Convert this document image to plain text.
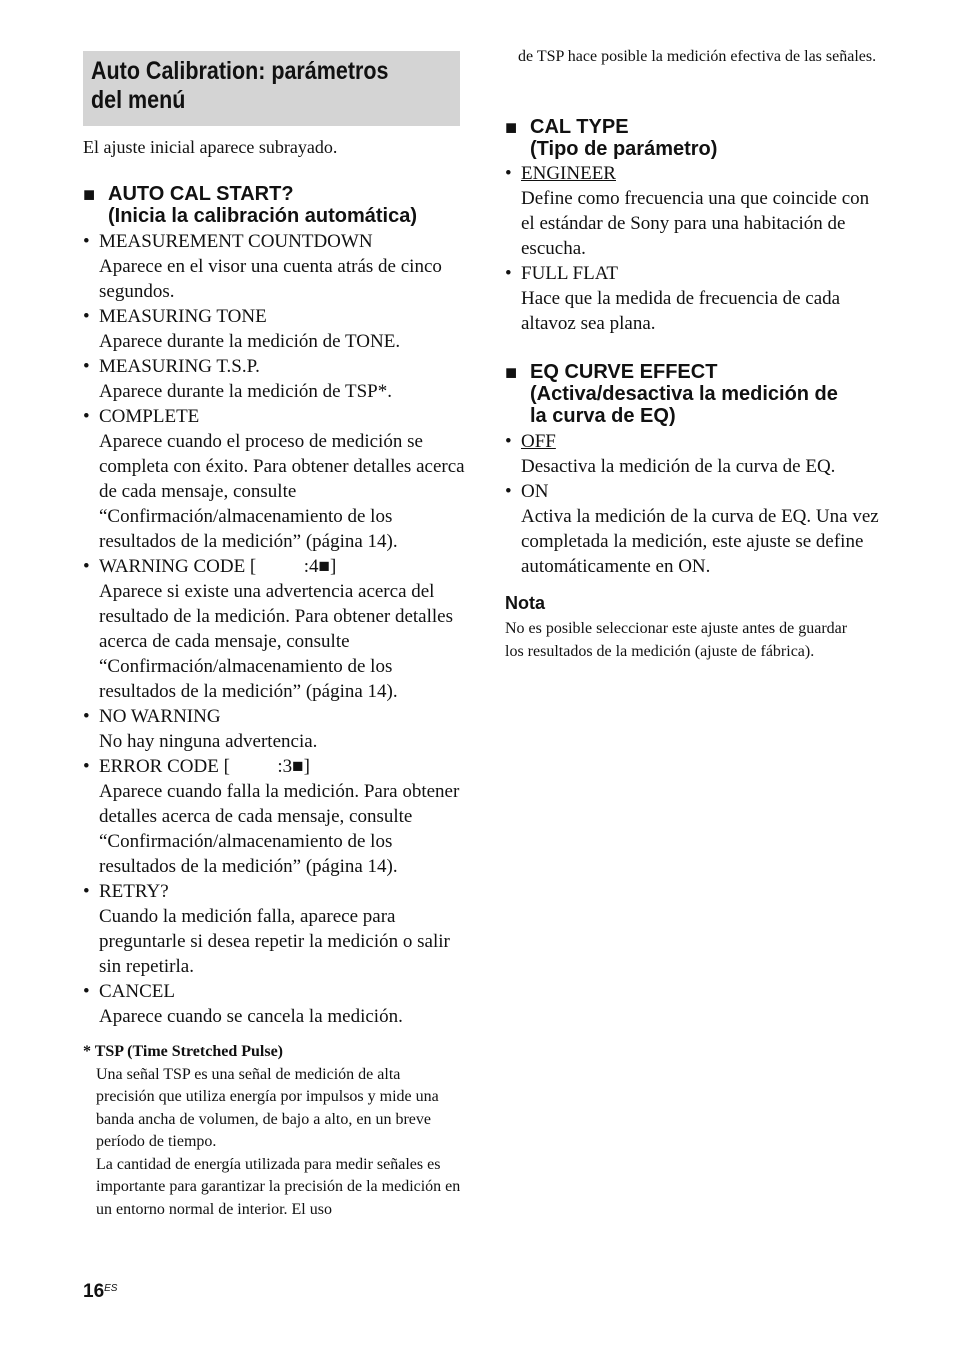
Auto Calibration: parámetros
del menú
El ajuste inicial aparece subrayado.
■ AUTO CAL START?
(Inicia la calibración automática)
• MEASUREMENT COUNTDOWN
Aparece en el visor una cuenta atrás de cinco segundos.
• MEASURING TONE
Aparece durante la medición de TONE.
• MEASURING T.S.P.
Aparece durante la medición de TSP*.
• COMPLETE
Aparece cuando el proceso de medición se completa con éxito. Para obtener detalles acerca de cada mensaje, consulte “Confirmación/almacenamiento de los resultados de la medición” (página 14).
• WARNING CODE [          :4■]
Aparece si existe una advertencia acerca del resultado de la medición. Para obtener detalles acerca de cada mensaje, consulte “Confirmación/almacenamiento de los resultados de la medición” (página 14).
• NO WARNING
No hay ninguna advertencia.
• ERROR CODE [          :3■]
Aparece cuando falla la medición. Para obtener detalles acerca de cada mensaje, consulte “Confirmación/almacenamiento de los resultados de la medición” (página 14).
• RETRY?
Cuando la medición falla, aparece para preguntarle si desea repetir la medición o salir sin repetirla.
• CANCEL
Aparece cuando se cancela la medición.
* TSP (Time Stretched Pulse)
Una señal TSP es una señal de medición de alta precisión que utiliza energía por impulsos y mide una banda ancha de volumen, de bajo a alto, en un breve período de tiempo.
La cantidad de energía utilizada para medir señales es importante para garantizar la precisión de la medición en un entorno normal de interior. El uso
de TSP hace posible la medición efectiva de las señales.
■ CAL TYPE
(Tipo de parámetro)
• ENGINEER
Define como frecuencia una que coincide con el estándar de Sony para una habitación de escucha.
• FULL FLAT
Hace que la medida de frecuencia de cada altavoz sea plana.
■ EQ CURVE EFFECT
(Activa/desactiva la medición de
la curva de EQ)
• OFF
Desactiva la medición de la curva de EQ.
• ON
Activa la medición de la curva de EQ. Una vez completada la medición, este ajuste se define automáticamente en ON.
Nota
No es posible seleccionar este ajuste antes de guardar los resultados de la medición (ajuste de fábrica).
$16^{ES}$
